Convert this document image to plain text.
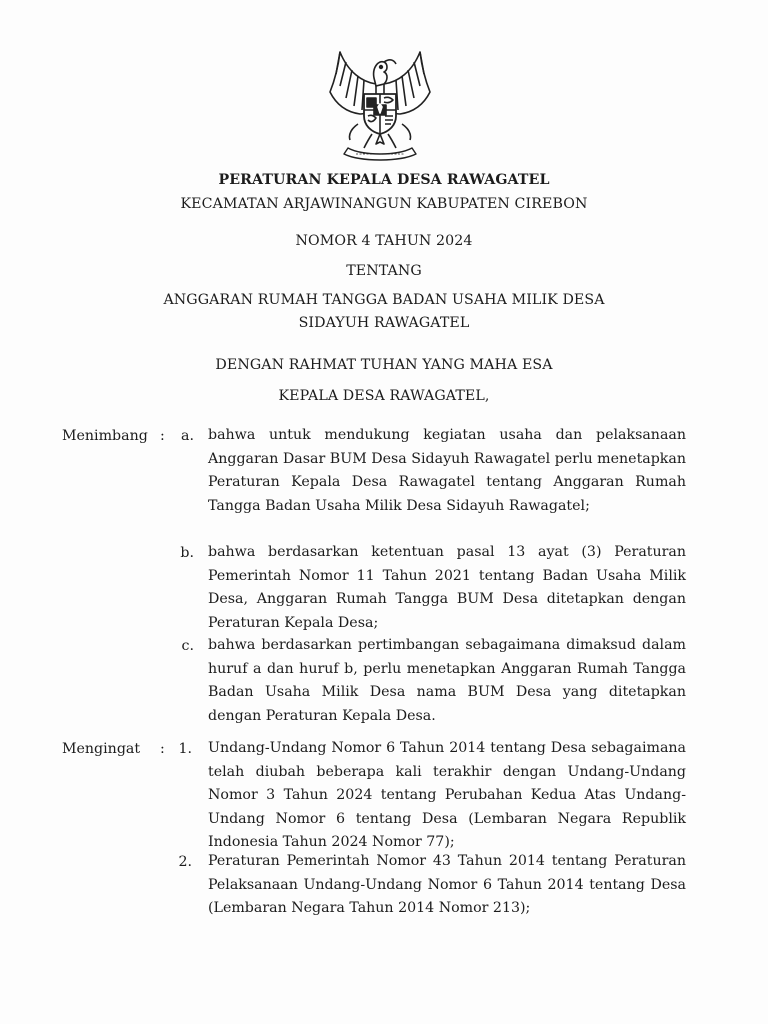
PERATURAN KEPALA DESA RAWAGATEL
KECAMATAN ARJAWINANGUN KABUPATEN CIREBON
NOMOR 4 TAHUN 2024
TENTANG
ANGGARAN RUMAH TANGGA BADAN USAHA MILIK DESA
SIDAYUH RAWAGATEL
DENGAN RAHMAT TUHAN YANG MAHA ESA
KEPALA DESA RAWAGATEL,
Menimbang :	a. bahwa untuk mendukung kegiatan usaha dan pelaksanaan Anggaran Dasar BUM Desa Sidayuh Rawagatel perlu menetapkan Peraturan Kepala Desa Rawagatel tentang Anggaran Rumah Tangga Badan Usaha Milik Desa Sidayuh Rawagatel;
b. bahwa berdasarkan ketentuan pasal 13 ayat (3) Peraturan Pemerintah Nomor 11 Tahun 2021 tentang Badan Usaha Milik Desa, Anggaran Rumah Tangga BUM Desa ditetapkan dengan Peraturan Kepala Desa;
c. bahwa berdasarkan pertimbangan sebagaimana dimaksud dalam huruf a dan huruf b, perlu menetapkan Anggaran Rumah Tangga Badan Usaha Milik Desa nama BUM Desa yang ditetapkan dengan Peraturan Kepala Desa.
Mengingat : 1. Undang-Undang Nomor 6 Tahun 2014 tentang Desa sebagaimana telah diubah beberapa kali terakhir dengan Undang-Undang Nomor 3 Tahun 2024 tentang Perubahan Kedua Atas Undang-Undang Nomor 6 tentang Desa (Lembaran Negara Republik Indonesia Tahun 2024 Nomor 77);
2. Peraturan Pemerintah Nomor 43 Tahun 2014 tentang Peraturan Pelaksanaan Undang-Undang Nomor 6 Tahun 2014 tentang Desa (Lembaran Negara Tahun 2014 Nomor 213);
